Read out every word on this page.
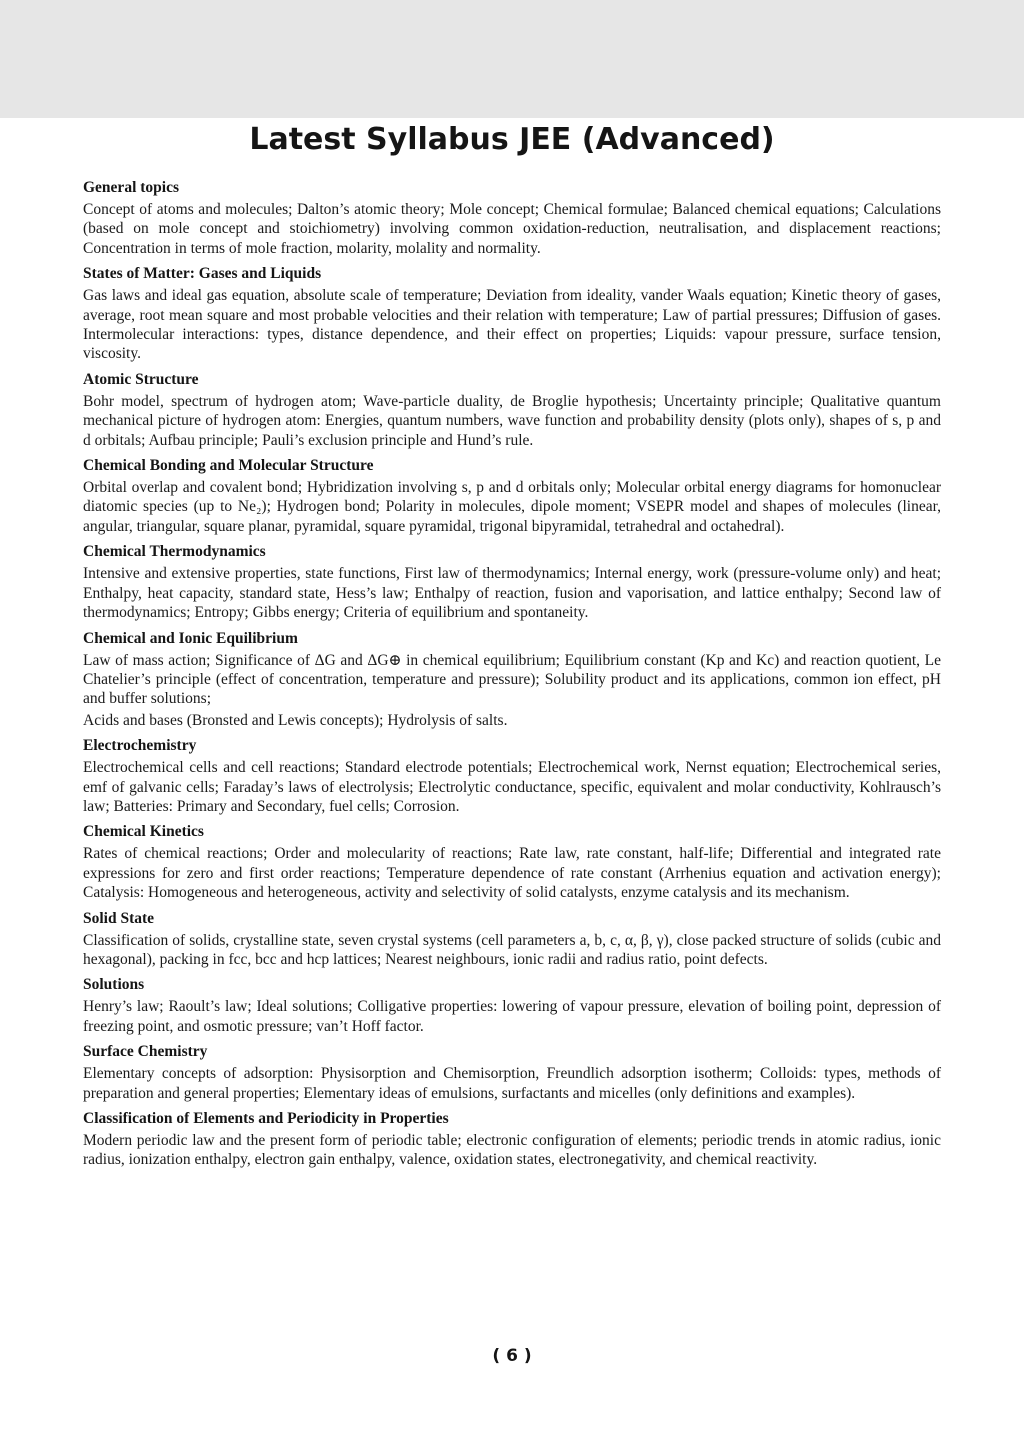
Latest Syllabus JEE (Advanced)
General topics

Concept of atoms and molecules; Dalton’s atomic theory; Mole concept; Chemical formulae; Balanced chemical equations; Calculations (based on mole concept and stoichiometry) involving common oxidation-reduction, neutralisation, and displacement reactions; Concentration in terms of mole fraction, molarity, molality and normality.

States of Matter: Gases and Liquids

Gas laws and ideal gas equation, absolute scale of temperature; Deviation from ideality, vander Waals equation; Kinetic theory of gases, average, root mean square and most probable velocities and their relation with temperature; Law of partial pressures; Diffusion of gases. Intermolecular interactions: types, distance dependence, and their effect on properties; Liquids: vapour pressure, surface tension, viscosity.

Atomic Structure

Bohr model, spectrum of hydrogen atom; Wave-particle duality, de Broglie hypothesis; Uncertainty principle; Qualitative quantum mechanical picture of hydrogen atom: Energies, quantum numbers, wave function and probability density (plots only), shapes of s, p and d orbitals; Aufbau principle; Pauli’s exclusion principle and Hund’s rule.

Chemical Bonding and Molecular Structure

Orbital overlap and covalent bond; Hybridization involving s, p and d orbitals only; Molecular orbital energy diagrams for homonuclear diatomic species (up to Ne₂); Hydrogen bond; Polarity in molecules, dipole moment; VSEPR model and shapes of molecules (linear, angular, triangular, square planar, pyramidal, square pyramidal, trigonal bipyramidal, tetrahedral and octahedral).

Chemical Thermodynamics

Intensive and extensive properties, state functions, First law of thermodynamics; Internal energy, work (pressure-volume only) and heat; Enthalpy, heat capacity, standard state, Hess’s law; Enthalpy of reaction, fusion and vaporisation, and lattice enthalpy; Second law of thermodynamics; Entropy; Gibbs energy; Criteria of equilibrium and spontaneity.

Chemical and Ionic Equilibrium

Law of mass action; Significance of ΔG and ΔG⊕ in chemical equilibrium; Equilibrium constant (Kp and Kc) and reaction quotient, Le Chatelier’s principle (effect of concentration, temperature and pressure); Solubility product and its applications, common ion effect, pH and buffer solutions;

Acids and bases (Bronsted and Lewis concepts); Hydrolysis of salts.

Electrochemistry

Electrochemical cells and cell reactions; Standard electrode potentials; Electrochemical work, Nernst equation; Electrochemical series, emf of galvanic cells; Faraday’s laws of electrolysis; Electrolytic conductance, specific, equivalent and molar conductivity, Kohlrausch’s law; Batteries: Primary and Secondary, fuel cells; Corrosion.

Chemical Kinetics

Rates of chemical reactions; Order and molecularity of reactions; Rate law, rate constant, half-life; Differential and integrated rate expressions for zero and first order reactions; Temperature dependence of rate constant (Arrhenius equation and activation energy); Catalysis: Homogeneous and heterogeneous, activity and selectivity of solid catalysts, enzyme catalysis and its mechanism.

Solid State

Classification of solids, crystalline state, seven crystal systems (cell parameters a, b, c, α, β, γ), close packed structure of solids (cubic and hexagonal), packing in fcc, bcc and hcp lattices; Nearest neighbours, ionic radii and radius ratio, point defects.

Solutions

Henry’s law; Raoult’s law; Ideal solutions; Colligative properties: lowering of vapour pressure, elevation of boiling point, depression of freezing point, and osmotic pressure; van’t Hoff factor.

Surface Chemistry

Elementary concepts of adsorption: Physisorption and Chemisorption, Freundlich adsorption isotherm; Colloids: types, methods of preparation and general properties; Elementary ideas of emulsions, surfactants and micelles (only definitions and examples).

Classification of Elements and Periodicity in Properties

Modern periodic law and the present form of periodic table; electronic configuration of elements; periodic trends in atomic radius, ionic radius, ionization enthalpy, electron gain enthalpy, valence, oxidation states, electronegativity, and chemical reactivity.

( 6 )
